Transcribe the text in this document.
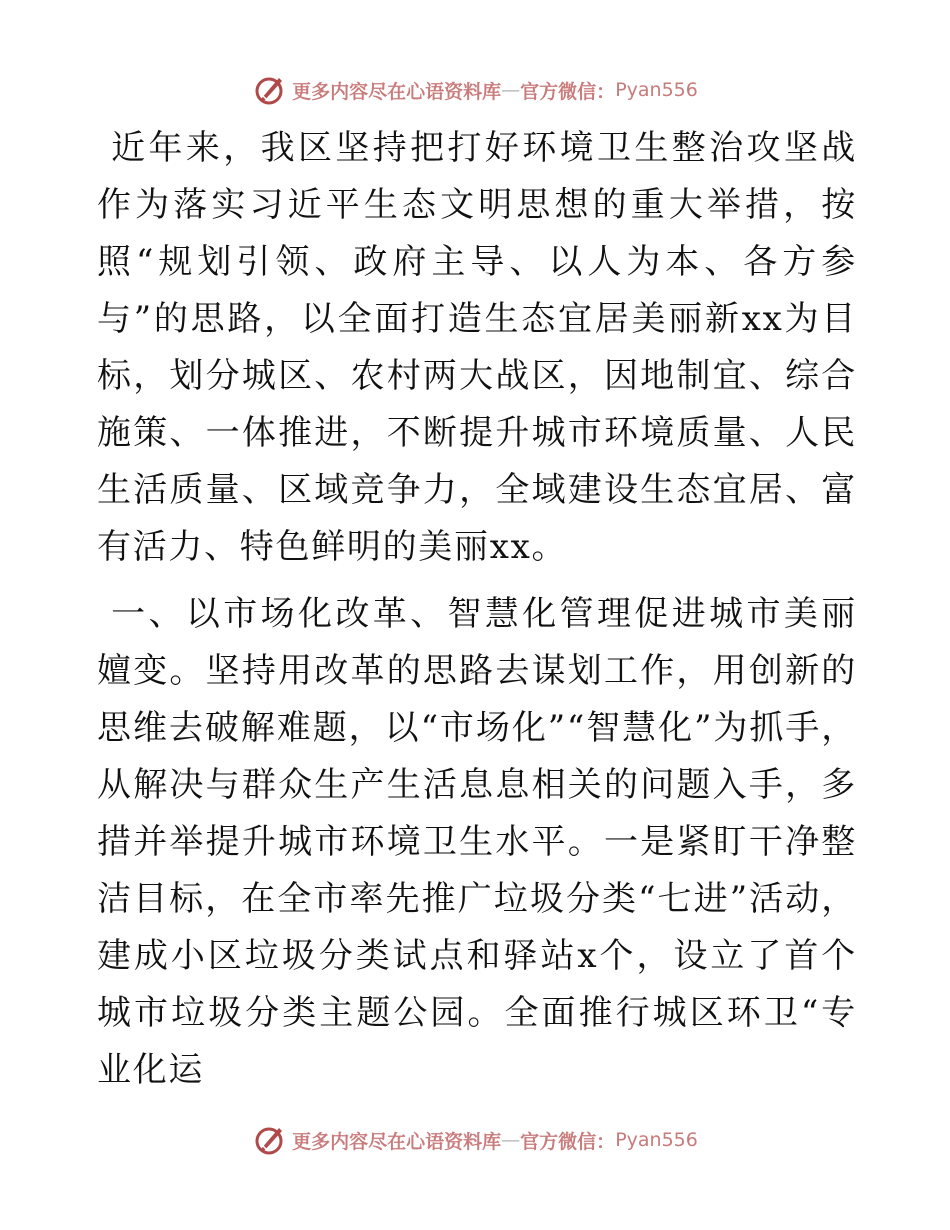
更多内容尽在心语资料库 — 官方微信： Pyan556

近年来，我区坚持把打好环境卫生整治攻坚战作为落实习近平生态文明思想的重大举措，按照“规划引领、政府主导、以人为本、各方参与”的思路，以全面打造生态宜居美丽新xx为目标，划分城区、农村两大战区，因地制宜、综合施策、一体推进，不断提升城市环境质量、人民生活质量、区域竞争力，全域建设生态宜居、富有活力、特色鲜明的美丽xx。

一、以市场化改革、智慧化管理促进城市美丽嬗变。坚持用改革的思路去谋划工作，用创新的思维去破解难题，以“市场化”“智慧化”为抓手，从解决与群众生产生活息息相关的问题入手，多措并举提升城市环境卫生水平。一是紧盯干净整洁目标，在全市率先推广垃圾分类“七进”活动，建成小区垃圾分类试点和驿站x个，设立了首个城市垃圾分类主题公园。全面推行城区环卫“专业化运

更多内容尽在心语资料库 — 官方微信： Pyan556
